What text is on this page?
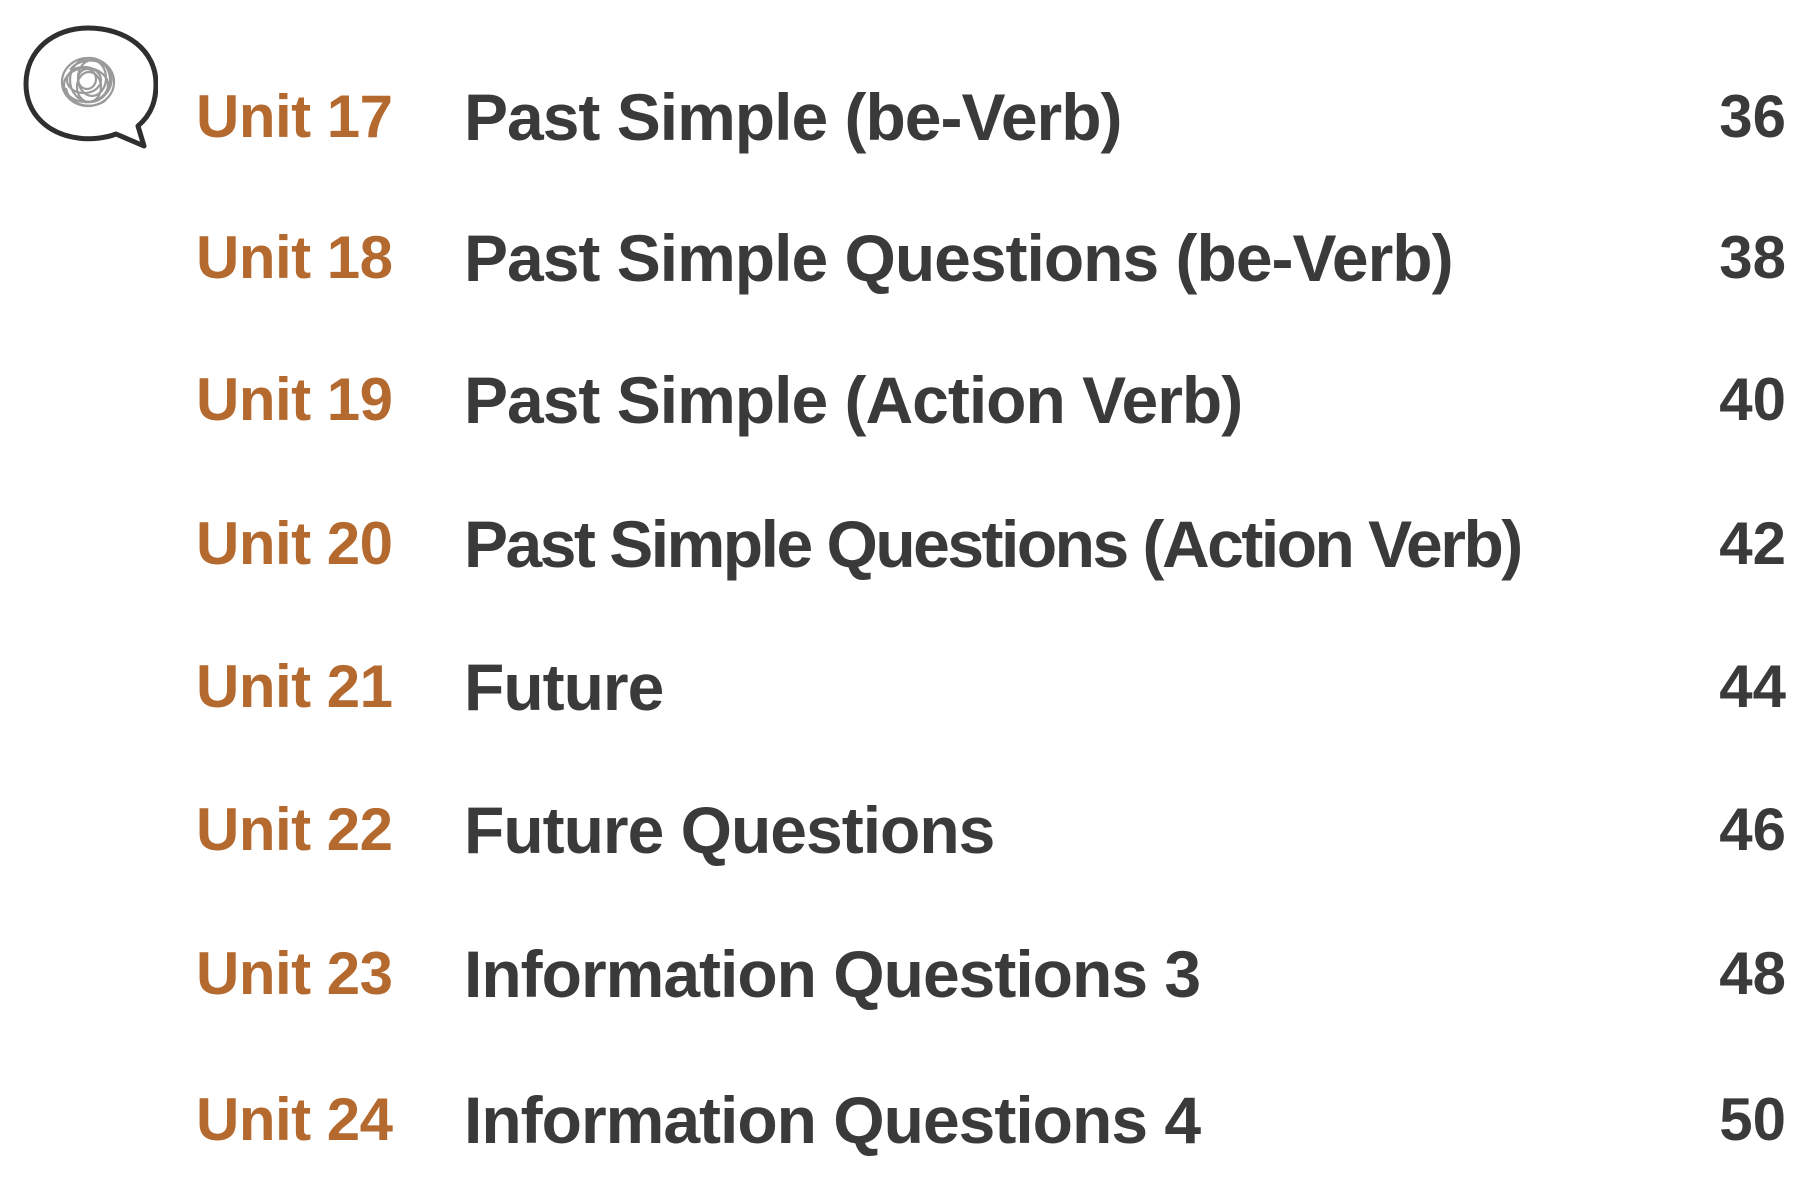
Unit 17 Past Simple (be-Verb)	36
Unit 18 Past Simple Questions (be-Verb)	38
Unit 19 Past Simple (Action Verb)	40
Unit 20 Past Simple Questions (Action Verb)	42
Unit 21 Future	44
Unit 22 Future Questions	46
Unit 23 Information Questions 3	48
Unit 24 Information Questions 4	50
